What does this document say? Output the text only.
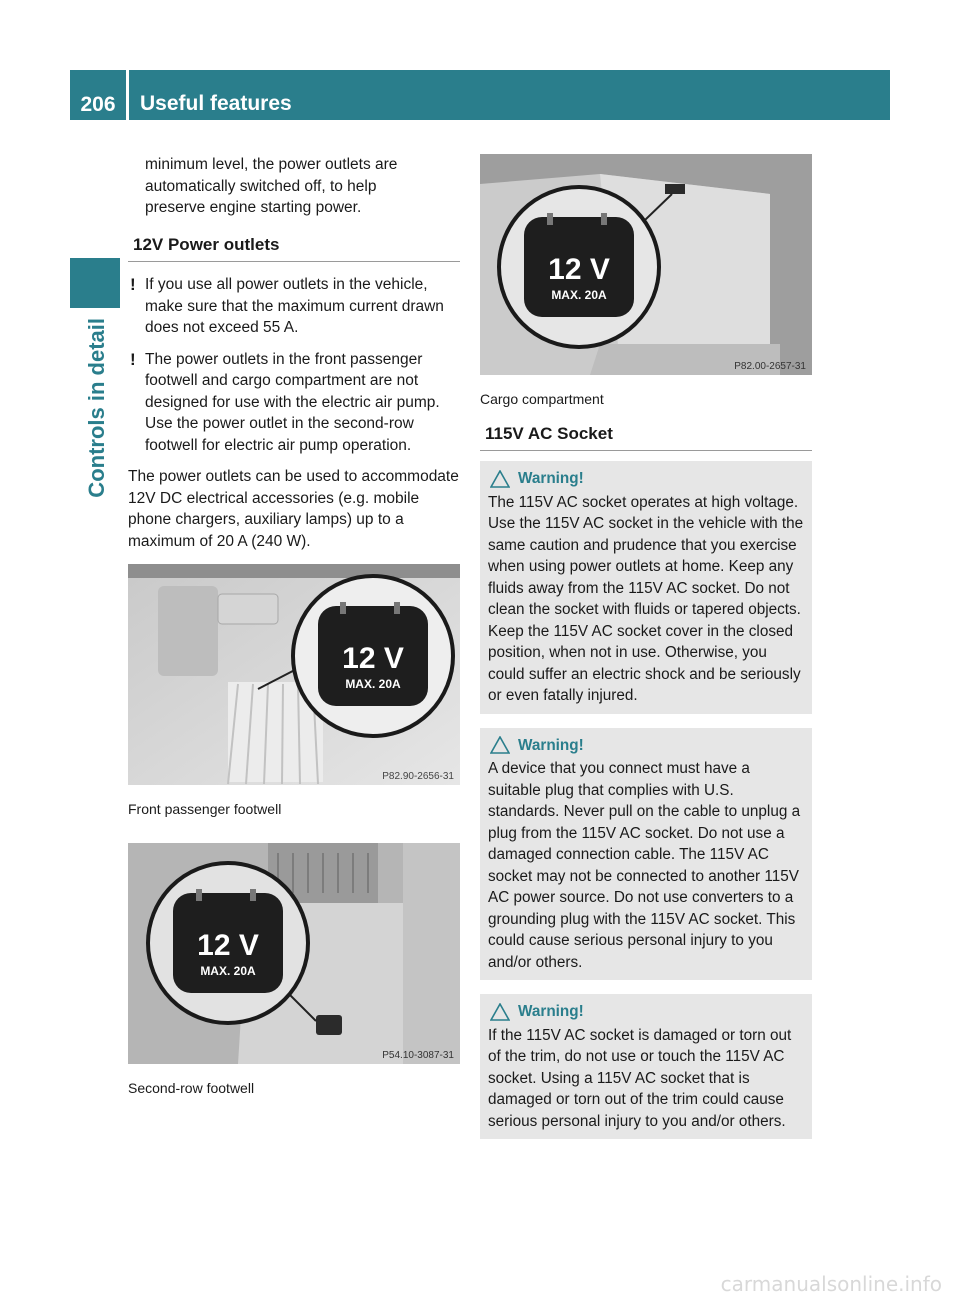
206	Useful features
Controls in detail
minimum level, the power outlets are
automatically switched off, to help
preserve engine starting power.
12V Power outlets
! If you use all power outlets in the vehicle, make sure that the maximum current drawn does not exceed 55 A.
! The power outlets in the front passenger footwell and cargo compartment are not designed for use with the electric air pump. Use the power outlet in the second-row footwell for electric air pump operation.
The power outlets can be used to accommodate 12V DC electrical accessories (e.g. mobile phone chargers, auxiliary lamps) up to a maximum of 20 A (240 W).
12 V
MAX. 20A
P82.90-2656-31
Front passenger footwell
12 V
MAX. 20A
P54.10-3087-31
Second-row footwell
12 V
MAX. 20A
P82.00-2657-31
Cargo compartment
115V AC Socket
Warning!
The 115V AC socket operates at high voltage. Use the 115V AC socket in the vehicle with the same caution and prudence that you exercise when using power outlets at home. Keep any fluids away from the 115V AC socket. Do not clean the socket with fluids or tapered objects. Keep the 115V AC socket cover in the closed position, when not in use. Otherwise, you could suffer an electric shock and be seriously or even fatally injured.
Warning!
A device that you connect must have a suitable plug that complies with U.S. standards. Never pull on the cable to unplug a plug from the 115V AC socket. Do not use a damaged connection cable. The 115V AC socket may not be connected to another 115V AC power source. Do not use converters to a grounding plug with the 115V AC socket. This could cause serious personal injury to you and/or others.
Warning!
If the 115V AC socket is damaged or torn out of the trim, do not use or touch the 115V AC socket. Using a 115V AC socket that is damaged or torn out of the trim could cause serious personal injury to you and/or others.
carmanualsonline.info
